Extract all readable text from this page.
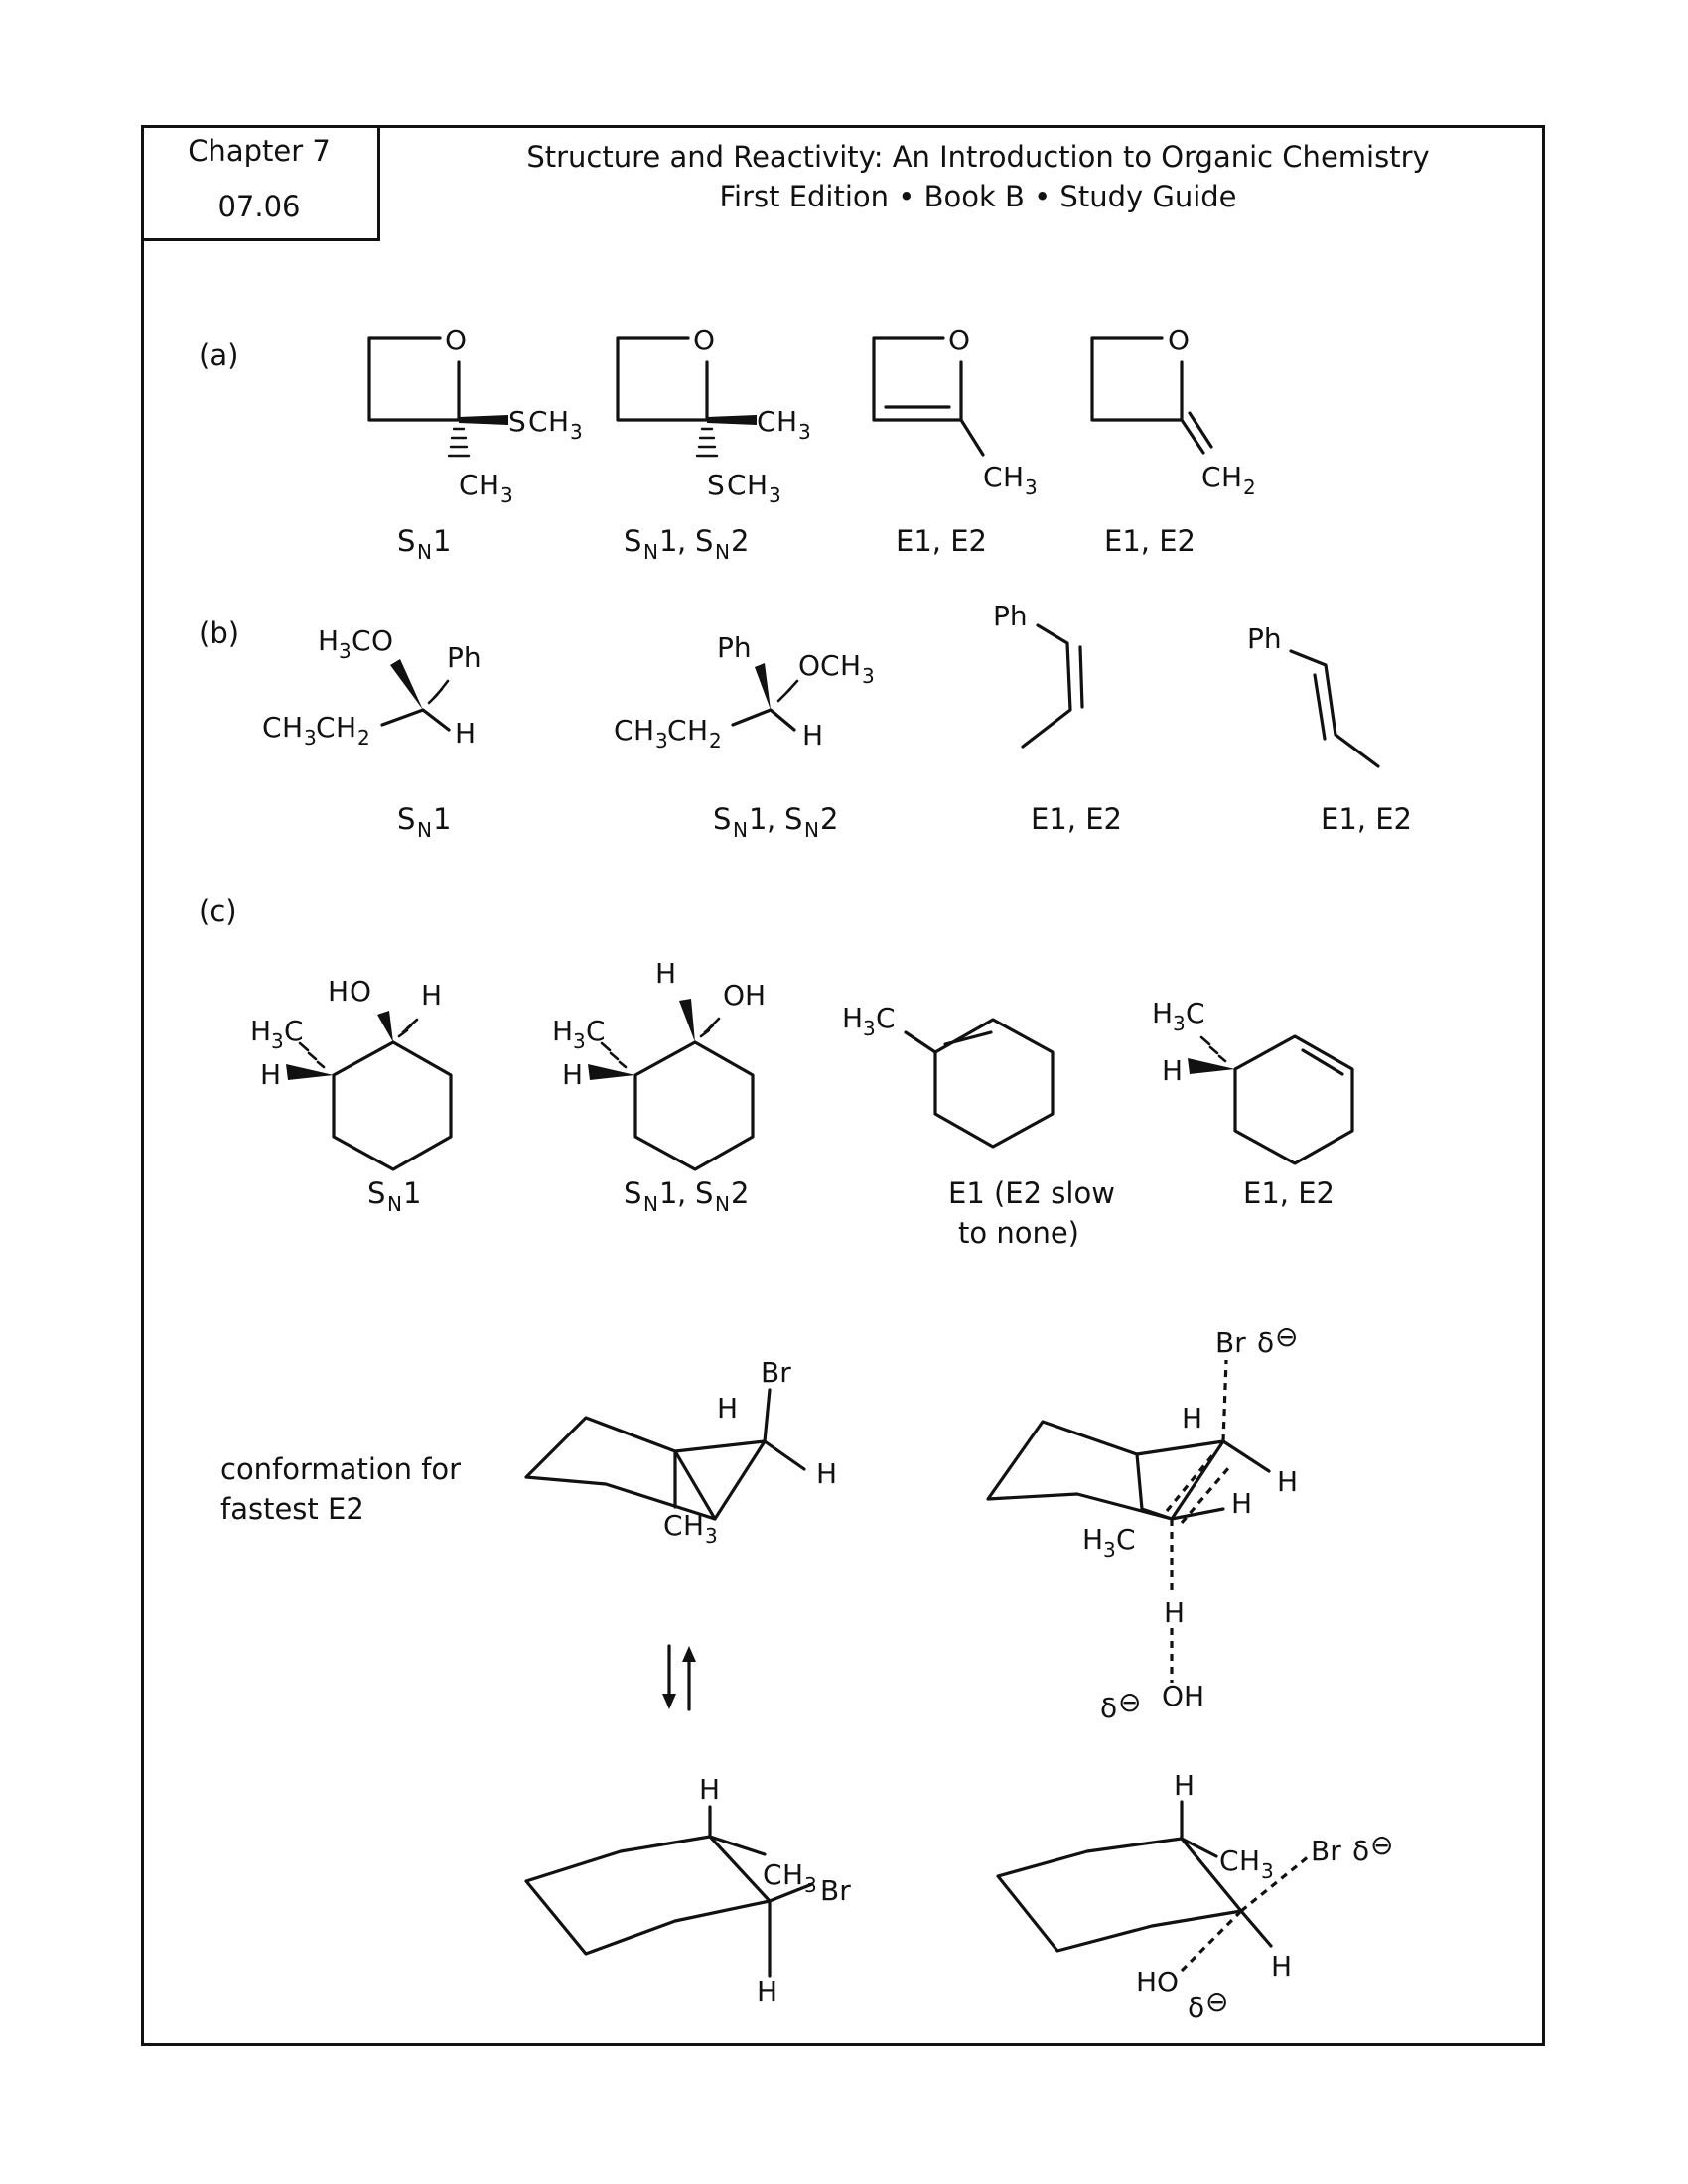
Chapter 7
07.06
Structure and Reactivity: An Introduction to Organic Chemistry
First Edition • Book B • Study Guide
(a)
(b)
(c)
O
S C H 3
C H 3
O
C H 3
S C H 3
O
C H 3
O
C H 2
S N 1	S N 1 , S N 2	E1, E2	E1, E2
H 3 C O
Ph
C H 3 C H 2	H
Ph
O C H 3
C H 3 C H 2	H
Ph
Ph
S N 1	S N 1 , S N 2	E1, E2	E1, E2
H O H
H 3 C
H
H
O H
H 3 C
H
H 3 C	H 3 C
H
S N 1	S N 1 , S N 2	E1 (E2 slow
to none)
E1, E2
conformation for
fastest E2
Br
H
H
C H 3
Br δ ⊖
H
H
H
H 3 C
H
δ ⊖ OH
H
C H 3 Br
H
H
C H 3
Br δ ⊖
H
HO
δ ⊖
